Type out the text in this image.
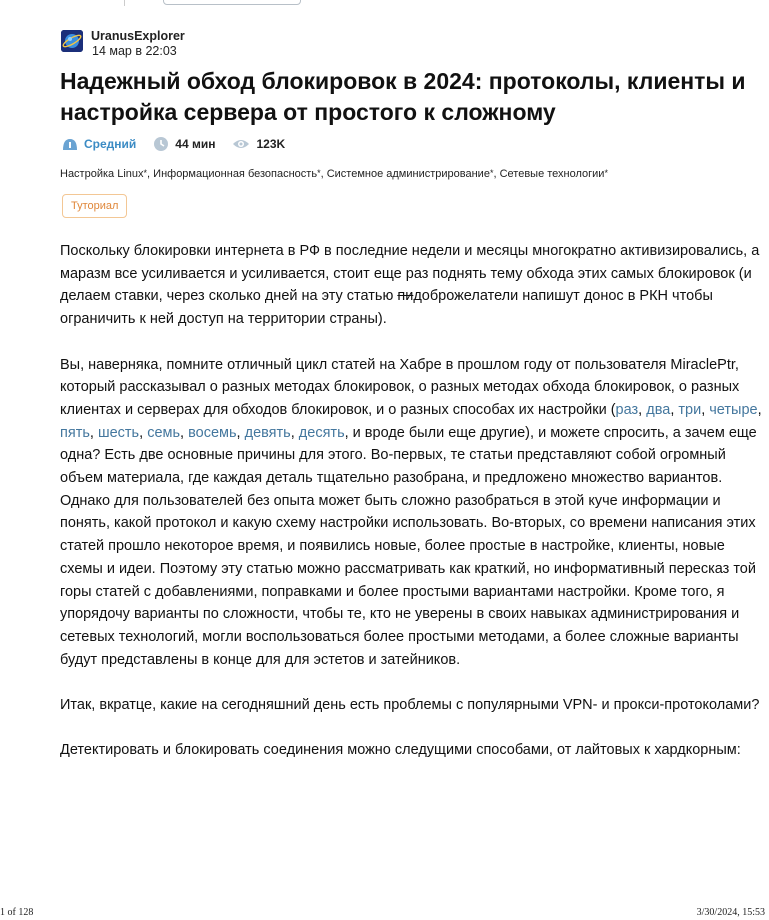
UranusExplorer
14 мар в 22:03
Надежный обход блокировок в 2024: протоколы, клиенты и настройка сервера от простого к сложному
Средний	44 мин	123K
Настройка Linux*, Информационная безопасность*, Системное администрирование*, Сетевые технологии*
Туториал

Поскольку блокировки интернета в РФ в последние недели и месяцы многократно активизировались, а маразм все усиливается и усиливается, стоит еще раз поднять тему обхода этих самых блокировок (и делаем ставки, через сколько дней на эту статью пидоброжелатели напишут донос в РКН чтобы ограничить к ней доступ на территории страны).

Вы, наверняка, помните отличный цикл статей на Хабре в прошлом году от пользователя MiraclePtr, который рассказывал о разных методах блокировок, о разных методах обхода блокировок, о разных клиентах и серверах для обходов блокировок, и о разных способах их настройки (раз, два, три, четыре, пять, шесть, семь, восемь, девять, десять, и вроде были еще другие), и можете спросить, а зачем еще одна? Есть две основные причины для этого. Во-первых, те статьи представляют собой огромный объем материала, где каждая деталь тщательно разобрана, и предложено множество вариантов. Однако для пользователей без опыта может быть сложно разобраться в этой куче информации и понять, какой протокол и какую схему настройки использовать. Во-вторых, со времени написания этих статей прошло некоторое время, и появились новые, более простые в настройке, клиенты, новые схемы и идеи. Поэтому эту статью можно рассматривать как краткий, но информативный пересказ той горы статей с добавлениями, поправками и более простыми вариантами настройки. Кроме того, я упорядочу варианты по сложности, чтобы те, кто не уверены в своих навыках администрирования и сетевых технологий, могли воспользоваться более простыми методами, а более сложные варианты будут представлены в конце для для эстетов и затейников.

Итак, вкратце, какие на сегодняшний день есть проблемы с популярными VPN- и прокси-протоколами?

Детектировать и блокировать соединения можно следущими способами, от лайтовых к хардкорным:

1 of 128	3/30/2024, 15:53
